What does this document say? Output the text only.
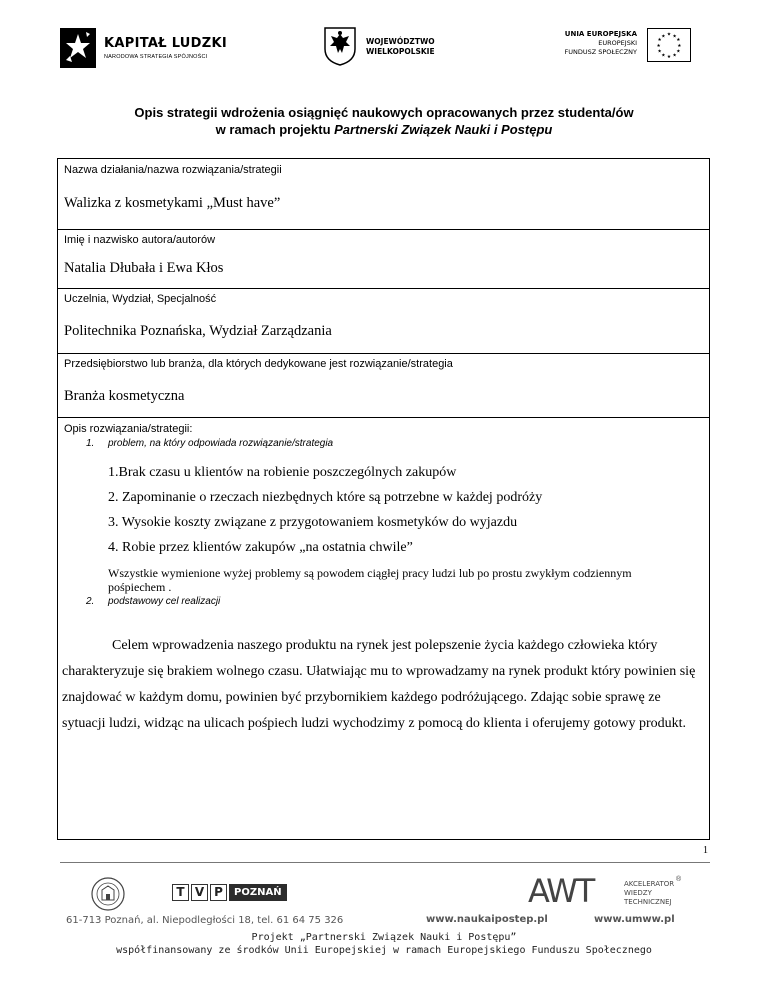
KAPITAŁ LUDZKI
NARODOWA STRATEGIA SPÓJNOŚCI
WOJEWÓDZTWO
WIELKOPOLSKIE
UNIA EUROPEJSKA
EUROPEJSKI
FUNDUSZ SPOŁECZNY
★ ★
★
★
★
★
★
★
★
★
★
★
Opis strategii wdrożenia osiągnięć naukowych opracowanych przez studenta/ów
w ramach projektu Partnerski Związek Nauki i Postępu
Nazwa działania/nazwa rozwiązania/strategii
Walizka z kosmetykami „Must have”
Imię i nazwisko autora/autorów
Natalia Dłubała i Ewa Kłos
Uczelnia, Wydział, Specjalność
Politechnika Poznańska, Wydział Zarządzania
Przedsiębiorstwo lub branża, dla których dedykowane jest rozwiązanie/strategia
Branża kosmetyczna
Opis rozwiązania/strategii:
1. problem, na który odpowiada rozwiązanie/strategia
1.Brak czasu u klientów na robienie poszczególnych zakupów
2. Zapominanie o rzeczach niezbędnych które są potrzebne w każdej podróży
3. Wysokie koszty związane z przygotowaniem kosmetyków do wyjazdu
4. Robie przez klientów zakupów „na ostatnia chwile”
Wszystkie wymienione wyżej problemy są powodem ciągłej pracy ludzi lub po prostu zwykłym codziennym pośpiechem .
2. podstawowy cel realizacji

Celem wprowadzenia naszego produktu na rynek jest polepszenie życia każdego człowieka który charakteryzuje się brakiem wolnego czasu. Ułatwiając mu to wprowadzamy na rynek produkt który powinien się znajdować w każdym domu, powinien być przybornikiem każdego podróżującego. Zdając sobie sprawę ze sytuacji ludzi, widząc na ulicach pośpiech ludzi wychodzimy z pomocą do klienta i oferujemy gotowy produkt.

1
T V P	POZNAŃ	AWT	AKCELERATOR
WIEDZY
TECHNICZNEJ
®
61-713 Poznań, al. Niepodległości 18, tel. 61 64 75 326	www.naukaipostep.pl	www.umww.pl
Projekt „Partnerski Związek Nauki i Postępu”
współfinansowany ze środków Unii Europejskiej w ramach Europejskiego Funduszu Społecznego
